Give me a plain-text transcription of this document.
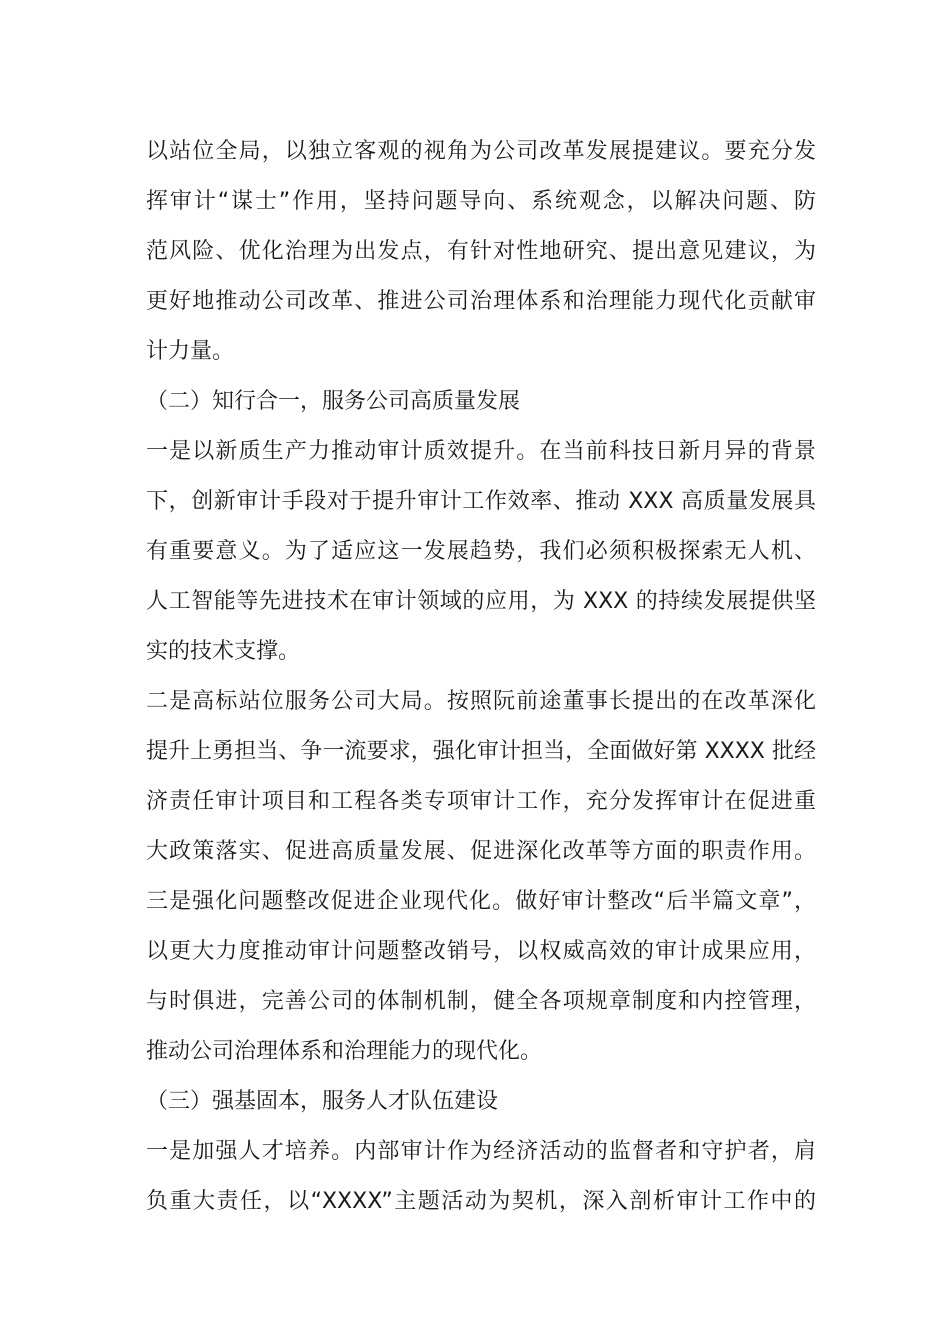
以站位全局，以独立客观的视角为公司改革发展提建议。要充分发
挥审计“谋士”作用，坚持问题导向、系统观念，以解决问题、防
范风险、优化治理为出发点，有针对性地研究、提出意见建议，为
更好地推动公司改革、推进公司治理体系和治理能力现代化贡献审
计力量。
（二）知行合一，服务公司高质量发展
一是以新质生产力推动审计质效提升。在当前科技日新月异的背景
下，创新审计手段对于提升审计工作效率、推动 XXX 高质量发展具
有重要意义。为了适应这一发展趋势，我们必须积极探索无人机、
人工智能等先进技术在审计领域的应用，为 XXX 的持续发展提供坚
实的技术支撑。
二是高标站位服务公司大局。按照阮前途董事长提出的在改革深化
提升上勇担当、争一流要求，强化审计担当，全面做好第 XXXX 批经
济责任审计项目和工程各类专项审计工作，充分发挥审计在促进重
大政策落实、促进高质量发展、促进深化改革等方面的职责作用。
三是强化问题整改促进企业现代化。做好审计整改“后半篇文章”，
以更大力度推动审计问题整改销号，以权威高效的审计成果应用，
与时俱进，完善公司的体制机制，健全各项规章制度和内控管理，
推动公司治理体系和治理能力的现代化。
（三）强基固本，服务人才队伍建设
一是加强人才培养。内部审计作为经济活动的监督者和守护者，肩
负重大责任，以“XXXX”主题活动为契机，深入剖析审计工作中的
